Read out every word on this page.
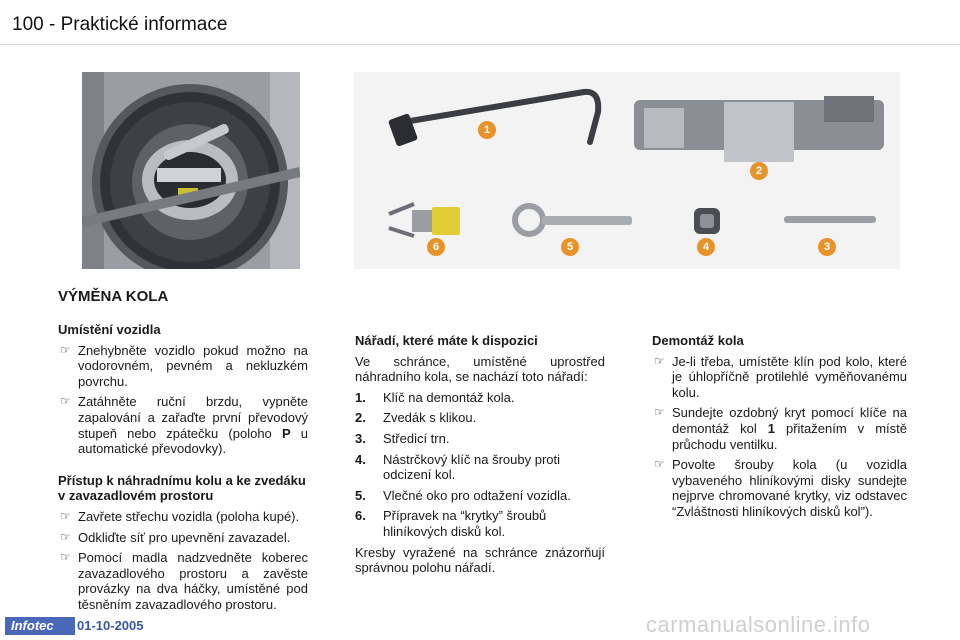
100 - Praktické informace
1
2
3
4
5
6
VÝMĚNA KOLA
Umístění vozidla
☞ Znehybněte vozidlo pokud možno na vodorovném, pevném a nekluzkém povrchu.
☞ Zatáhněte ruční brzdu, vypněte zapalování a zařaďte první převodový stupeň nebo zpátečku (poloho P u automatické převodovky).
Přístup k náhradnímu kolu a ke zvedáku v zavazadlovém prostoru
☞ Zavřete střechu vozidla (poloha kupé).
☞ Odkliďte síť pro upevnění zavazadel.
☞ Pomocí madla nadzvedněte koberec zavazadlového prostoru a zavěste provázky na dva háčky, umístěné pod těsněním zavazadlového prostoru.
Nářadí, které máte k dispozici
Ve schránce, umístěné uprostřed náhradního kola, se nachází toto nářadí:
1. Klíč na demontáž kola.
2. Zvedák s klikou.
3. Středicí trn.
4. Nástrčkový klíč na šrouby proti odcizení kol.
5. Vlečné oko pro odtažení vozidla.
6. Přípravek na “krytky” šroubů hliníkových disků kol.
Kresby vyražené na schránce znázorňují správnou polohu nářadí.
Demontáž kola
☞ Je-li třeba, umístěte klín pod kolo, které je úhlopříčně protilehlé vyměňovanému kolu.
☞ Sundejte ozdobný kryt pomocí klíče na demontáž kol 1 přitažením v místě průchodu ventilku.
☞ Povolte šrouby kola (u vozidla vybaveného hliníkovými disky sundejte nejprve chromované krytky, viz odstavec “Zvláštnosti hliníkových disků kol”).
Infotec	01-10-2005	carmanualsonline.info
